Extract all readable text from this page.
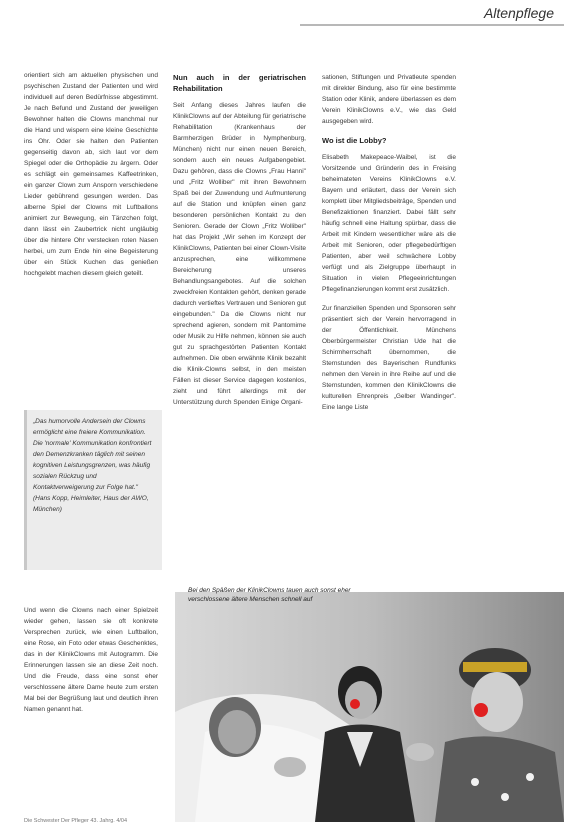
Altenpflege

orientiert sich am aktuellen physischen und psychischen Zustand der Patienten und wird individuell auf deren Bedürfnisse abgestimmt. Je nach Befund und Zustand der jeweiligen Bewohner halten die Clowns manchmal nur die Hand und wispern eine kleine Geschichte ins Ohr. Oder sie halten den Patienten gegenseitig davon ab, sich laut vor dem Spiegel oder die Orthopädie zu ärgern. Oder es schlägt ein gemeinsames Kaffeetrinken, ein ganzer Clown zum Ansporn verschiedene Lieder gebührend gesungen werden. Das alberne Spiel der Clowns mit Luftballons animiert zur Bewegung, ein Tänzchen folgt, dann lässt ein Zaubertrick nicht ungläubig über die hintere Ohr verstecken roten Nasen herbei, um zum Ende hin eine Begeisterung über ein Stück Kuchen das genießen hochgelebt machen diesem gleich geteilt.

„Das humorvolle Andersein der Clowns ermöglicht eine freiere Kommunikation. Die 'normale' Kommunikation konfrontiert den Demenzkranken täglich mit seinen kognitiven Leistungsgrenzen, was häufig sozialen Rückzug und Kontaktverweigerung zur Folge hat." (Hans Kopp, Heimleiter, Haus der AWO, München)
Und wenn die Clowns nach einer Spielzeit wieder gehen, lassen sie oft konkrete Versprechen zurück, wie einen Luftballon, eine Rose, ein Foto oder etwas Geschenktes, das in der KlinikClowns mit Autogramm. Die Erinnerungen lassen sie an diese Zeit noch. Und die Freude, dass eine sonst eher verschlossene ältere Dame heute zum ersten Mal bei der Begrüßung laut und deutlich ihren Namen genannt hat.
Nun auch in der geriatrischen Rehabilitation

Seit Anfang dieses Jahres laufen die KlinikClowns auf der Abteilung für geriatrische Rehabilitation (Krankenhaus der Barmherzigen Brüder in Nymphenburg, München) nicht nur einen neuen Bereich, sondern auch ein neues Aufgabengebiet. Dazu gehören, dass die Clowns „Frau Hanni" und „Fritz Wolliber" mit ihren Bewohnern Spaß bei der Zuwendung und Aufmunterung auf die Station und knüpfen einen ganz besonderen persönlichen Kontakt zu den Senioren. Gerade der Clown „Fritz Wolliber" hat das Projekt „Wir sehen im Konzept der KlinikClowns, Patienten bei einer Clown-Visite anzusprechen, eine willkommene Bereicherung unseres Behandlungsangebotes. Auf die solchen zweckfreien Kontakten gehört, denken gerade dadurch vertieftes Vertrauen und Senioren gut eingebunden." Da die Clowns nicht nur sprechend agieren, sondern mit Pantomime oder Musik zu Hilfe nehmen, können sie auch gut zu sprachgestörten Patienten Kontakt aufnehmen. Die oben erwähnte Klinik bezahlt die Klinik-Clowns selbst, in den meisten Fällen ist dieser Service dagegen kostenlos, zieht und führt allerdings mit der Unterstützung durch Spenden Einige Organi-

sationen, Stiftungen und Privatleute spenden mit direkter Bindung, also für eine bestimmte Station oder Klinik, andere überlassen es dem Verein KlinikClowns e.V., wie das Geld ausgegeben wird.

Wo ist die Lobby?

Elisabeth Makepeace-Waibel, ist die Vorsitzende und Gründerin des in Freising beheimateten Vereins KlinikClowns e.V. Bayern und erläutert, dass der Verein sich komplett über Mitgliedsbeiträge, Spenden und Benefizaktionen finanziert. Dabei fällt sehr häufig schnell eine Haltung spürbar, dass die Arbeit mit Kindern wesentlicher wäre als die Arbeit mit Senioren, oder pflegebedürftigen Patienten, aber weil schwächere Lobby verfügt und als Zielgruppe überhaupt in Situation in vielen Pflegeeinrichtungen Pflegefinanzierungen kommt erst zusätzlich.

Zur finanziellen Spenden und Sponsoren sehr präsentiert sich der Verein hervorragend in der Öffentlichkeit. Münchens Oberbürgermeister Christian Ude hat die Schirmherrschaft übernommen, die Sternstunden des Bayerischen Rundfunks nehmen den Verein in ihre Reihe auf und die Sternstunden, kommen den KlinikClowns die kulturellen Ehrenpreis „Gelber Wandinger". Eine lange Liste

Bei den Späßen der KlinikClowns tauen auch sonst eher verschlossene ältere Menschen schnell auf
Die Schwester Der Pfleger 43. Jahrg. 4/04
